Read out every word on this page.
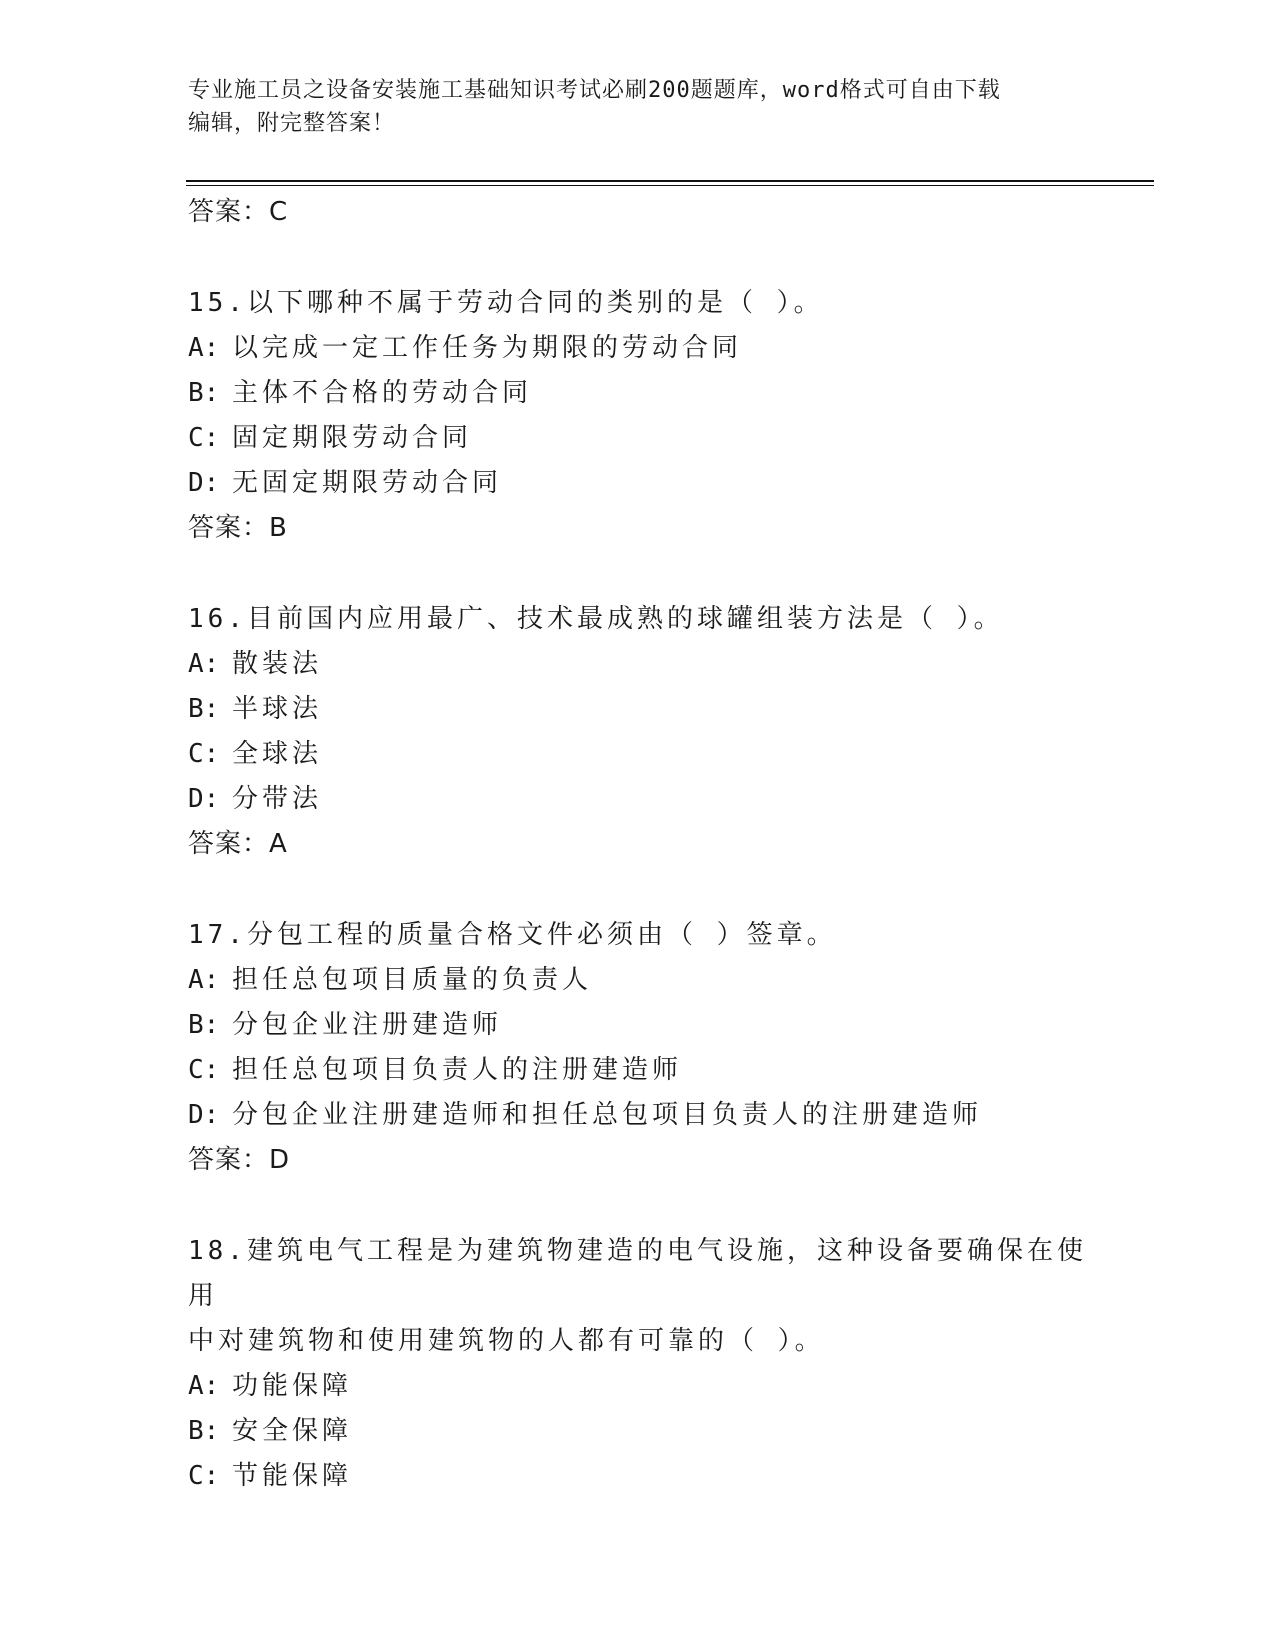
专业施工员之设备安装施工基础知识考试必刷200题题库，word格式可自由下载
编辑，附完整答案！
答案：C
15.以下哪种不属于劳动合同的类别的是（ ）。
A: 以完成一定工作任务为期限的劳动合同
B: 主体不合格的劳动合同
C: 固定期限劳动合同
D: 无固定期限劳动合同
答案：B
16.目前国内应用最广、技术最成熟的球罐组装方法是（ ）。
A: 散装法
B: 半球法
C: 全球法
D: 分带法
答案：A
17.分包工程的质量合格文件必须由（ ）签章。
A: 担任总包项目质量的负责人
B: 分包企业注册建造师
C: 担任总包项目负责人的注册建造师
D: 分包企业注册建造师和担任总包项目负责人的注册建造师
答案：D
18.建筑电气工程是为建筑物建造的电气设施，这种设备要确保在使用
中对建筑物和使用建筑物的人都有可靠的（ ）。
A: 功能保障
B: 安全保障
C: 节能保障
